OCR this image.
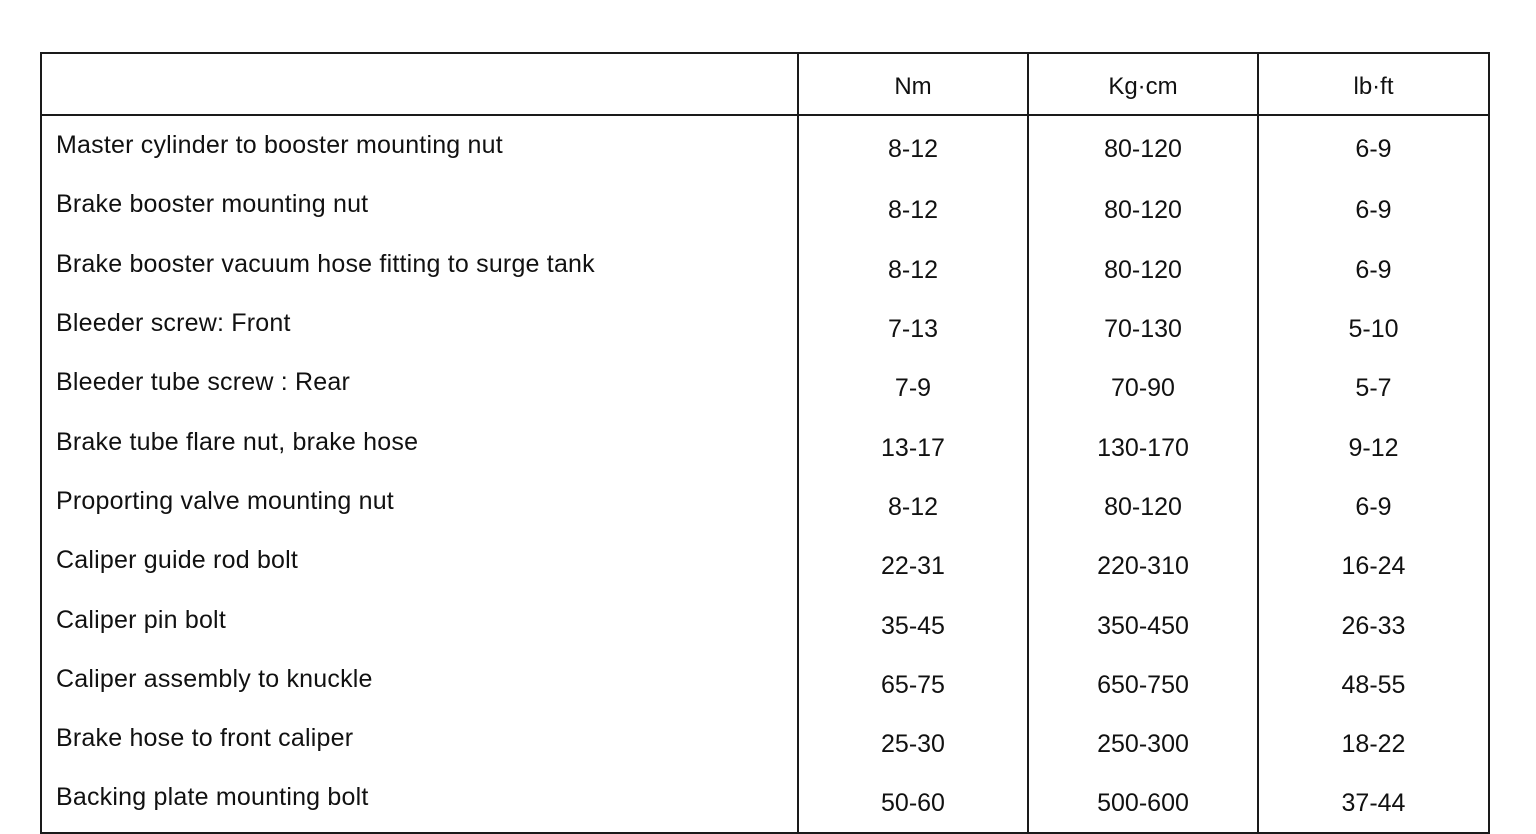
	Nm	Kg·cm	lb·ft
Master cylinder to booster mounting nut	8-12	80-120	6-9
Brake booster mounting nut	8-12	80-120	6-9
Brake booster vacuum hose fitting to surge tank	8-12	80-120	6-9
Bleeder screw: Front	7-13	70-130	5-10
Bleeder tube screw : Rear	7-9	70-90	5-7
Brake tube flare nut, brake hose	13-17	130-170	9-12
Proporting valve mounting nut	8-12	80-120	6-9
Caliper guide rod bolt	22-31	220-310	16-24
Caliper pin bolt	35-45	350-450	26-33
Caliper assembly to knuckle	65-75	650-750	48-55
Brake hose to front caliper	25-30	250-300	18-22
Backing plate mounting bolt	50-60	500-600	37-44
